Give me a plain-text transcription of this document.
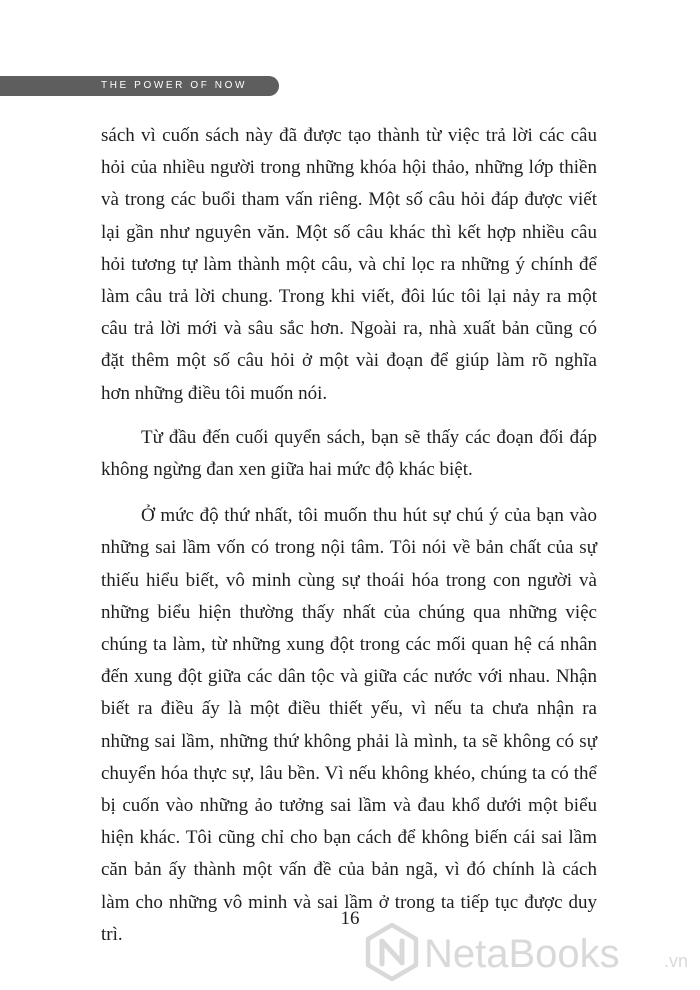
THE POWER OF NOW

sách vì cuốn sách này đã được tạo thành từ việc trả lời các câu hỏi của nhiều người trong những khóa hội thảo, những lớp thiền và trong các buổi tham vấn riêng. Một số câu hỏi đáp được viết lại gần như nguyên văn. Một số câu khác thì kết hợp nhiều câu hỏi tương tự làm thành một câu, và chỉ lọc ra những ý chính để làm câu trả lời chung. Trong khi viết, đôi lúc tôi lại nảy ra một câu trả lời mới và sâu sắc hơn. Ngoài ra, nhà xuất bản cũng có đặt thêm một số câu hỏi ở một vài đoạn để giúp làm rõ nghĩa hơn những điều tôi muốn nói.

Từ đầu đến cuối quyển sách, bạn sẽ thấy các đoạn đối đáp không ngừng đan xen giữa hai mức độ khác biệt.

Ở mức độ thứ nhất, tôi muốn thu hút sự chú ý của bạn vào những sai lầm vốn có trong nội tâm. Tôi nói về bản chất của sự thiếu hiểu biết, vô minh cùng sự thoái hóa trong con người và những biểu hiện thường thấy nhất của chúng qua những việc chúng ta làm, từ những xung đột trong các mối quan hệ cá nhân đến xung đột giữa các dân tộc và giữa các nước với nhau. Nhận biết ra điều ấy là một điều thiết yếu, vì nếu ta chưa nhận ra những sai lầm, những thứ không phải là mình, ta sẽ không có sự chuyển hóa thực sự, lâu bền. Vì nếu không khéo, chúng ta có thể bị cuốn vào những ảo tưởng sai lầm và đau khổ dưới một biểu hiện khác. Tôi cũng chỉ cho bạn cách để không biến cái sai lầm căn bản ấy thành một vấn đề của bản ngã, vì đó chính là cách làm cho những vô minh và sai lầm ở trong ta tiếp tục được duy trì.

16
NetaBooks .vn
